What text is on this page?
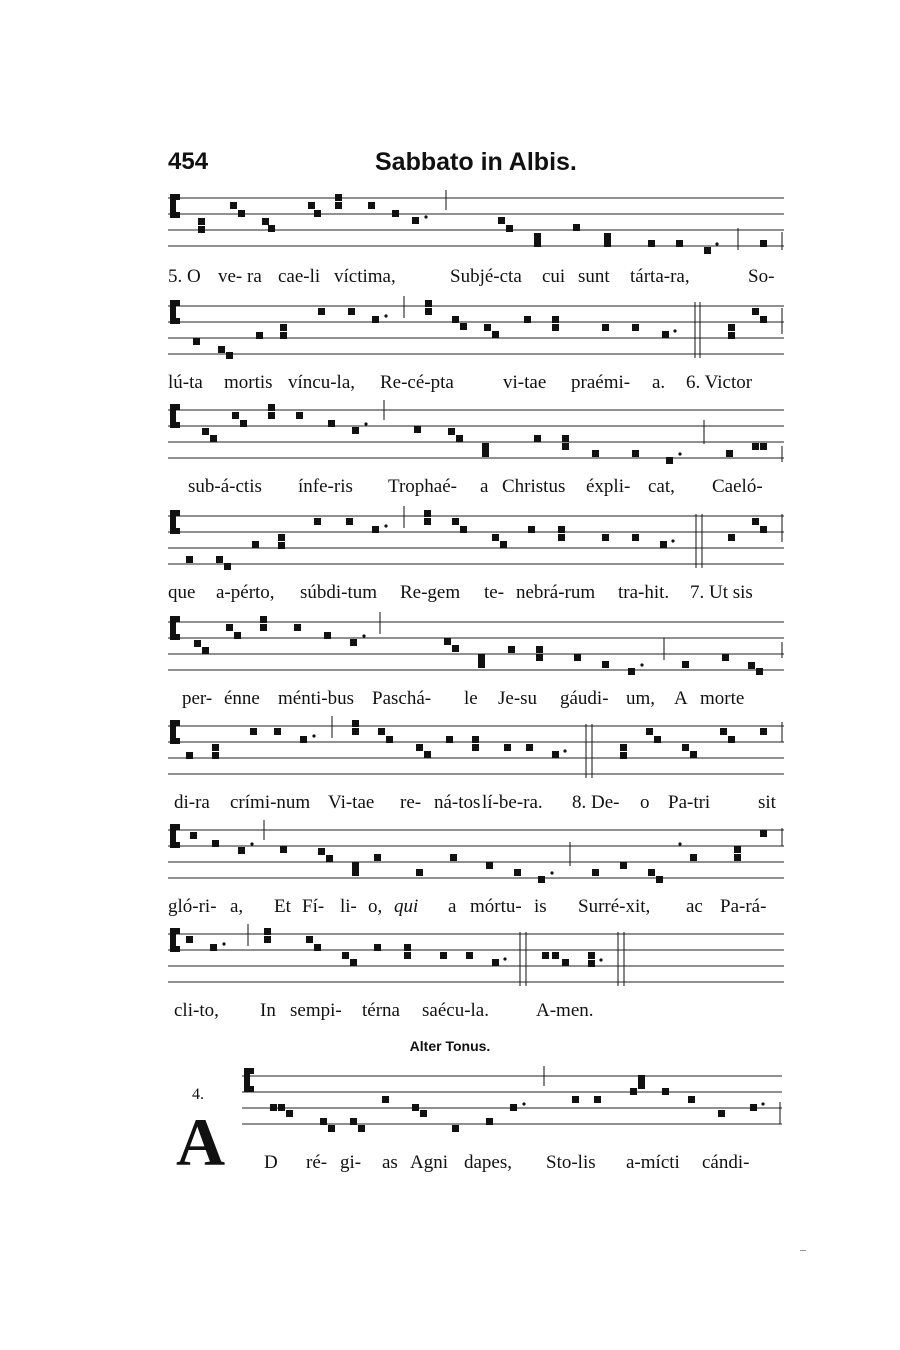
454	Sabbato in Albis.
5. O ve- ra cae-li víctima,	Subjé-cta cui sunt tárta-ra,	So-
lú-ta mortis víncu-la, Re-cé-pta	vi-tae praémi- a. 6. Victor
sub-á-ctis ínfe-ris Trophaé- a Christus éxpli- cat, Caeló-
que a-pérto, súbdi-tum Re-gem te- nebrá-rum tra-hit. 7. Ut sis
per- énne ménti-bus Paschá- le Je-su gáudi- um, A morte
di-ra crími-num Vi-tae re- ná-tos lí-be-ra. 8. De- o Pa-tri	sit
gló-ri- a, Et Fí- li- o, qui a mórtu- is Surré-xit, ac Pa-rá-
cli-to, In sempi- térna saécu-la. A-men.
Alter Tonus.
4.
A D ré- gi- as Agni dapes, Sto-lis a-mícti cándi-
